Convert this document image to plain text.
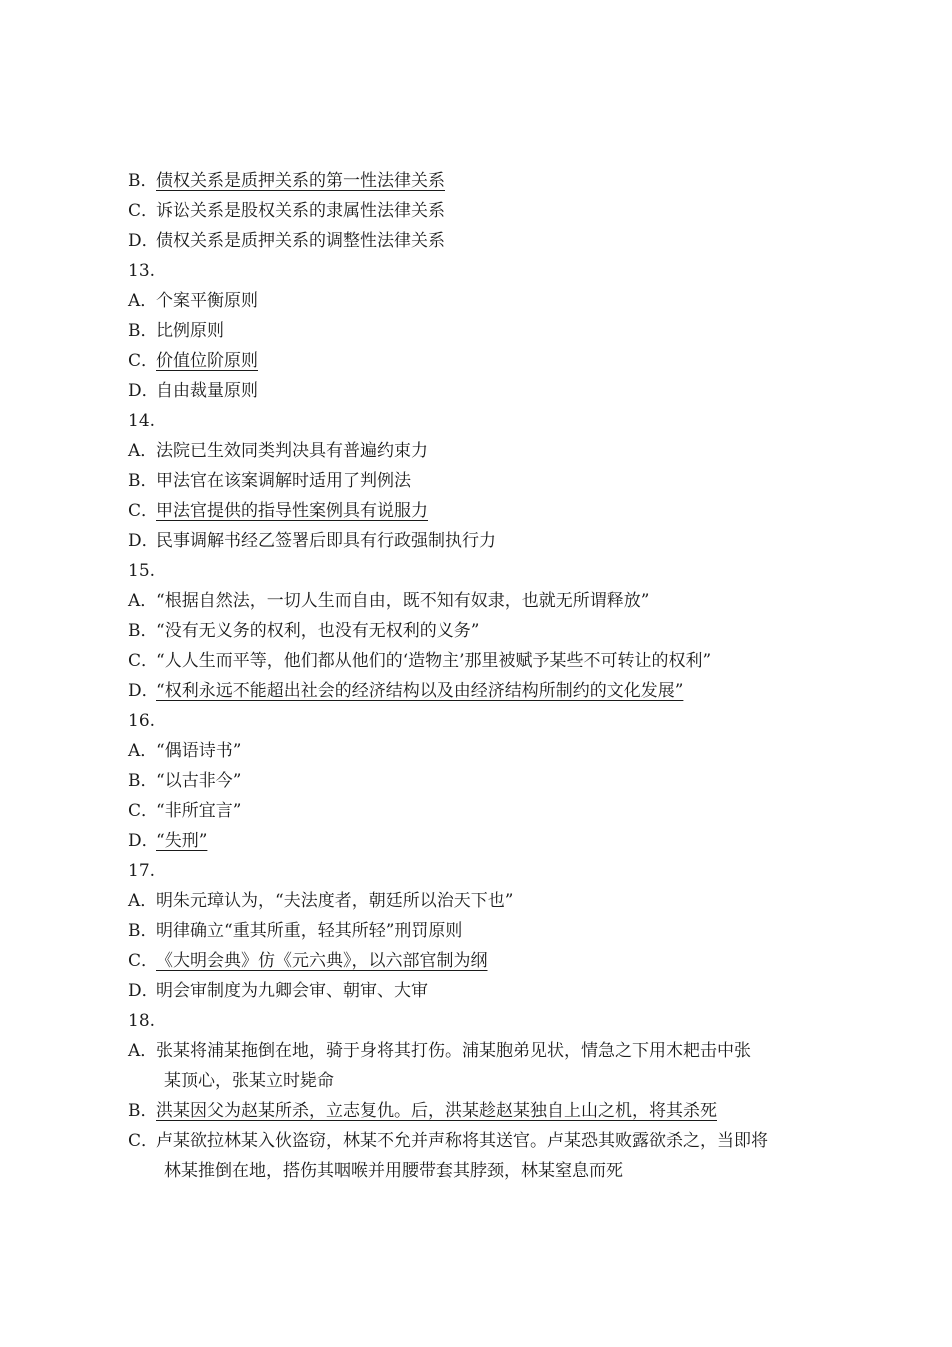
B．债权关系是质押关系的第一性法律关系
C．诉讼关系是股权关系的隶属性法律关系
D．债权关系是质押关系的调整性法律关系
13.
A．个案平衡原则
B．比例原则
C．价值位阶原则
D．自由裁量原则
14.
A．法院已生效同类判决具有普遍约束力
B．甲法官在该案调解时适用了判例法
C．甲法官提供的指导性案例具有说服力
D．民事调解书经乙签署后即具有行政强制执行力
15.
A．“根据自然法，一切人生而自由，既不知有奴隶，也就无所谓释放”
B．“没有无义务的权利，也没有无权利的义务”
C．“人人生而平等，他们都从他们的‘造物主’那里被赋予某些不可转让的权利”
D．“权利永远不能超出社会的经济结构以及由经济结构所制约的文化发展”
16.
A．“偶语诗书”
B．“以古非今”
C．“非所宜言”
D．“失刑”
17.
A．明朱元璋认为，“夫法度者，朝廷所以治天下也”
B．明律确立“重其所重，轻其所轻”刑罚原则
C．《大明会典》仿《元六典》，以六部官制为纲
D．明会审制度为九卿会审、朝审、大审
18.
A．张某将浦某拖倒在地，骑于身将其打伤。浦某胞弟见状，情急之下用木耙击中张
某顶心，张某立时毙命
B．洪某因父为赵某所杀，立志复仇。后，洪某趁赵某独自上山之机，将其杀死
C．卢某欲拉林某入伙盗窃，林某不允并声称将其送官。卢某恐其败露欲杀之，当即将
林某推倒在地，搭伤其咽喉并用腰带套其脖颈，林某窒息而死
